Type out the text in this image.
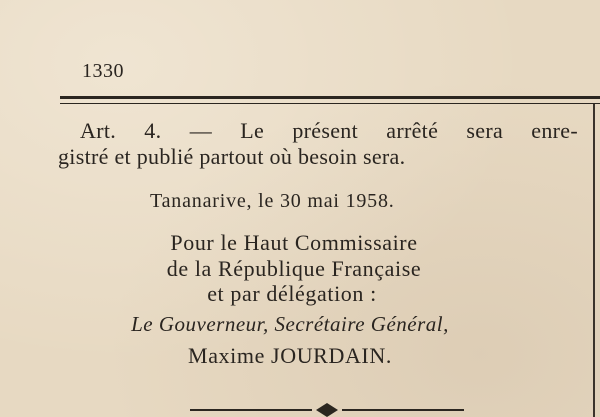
1330
Art. 4. — Le présent arrêté sera enre-
gistré et publié partout où besoin sera.
Tananarive, le 30 mai 1958.
Pour le Haut Commissaire
de la République Française
et par délégation :
Le Gouverneur, Secrétaire Général,
Maxime JOURDAIN.
